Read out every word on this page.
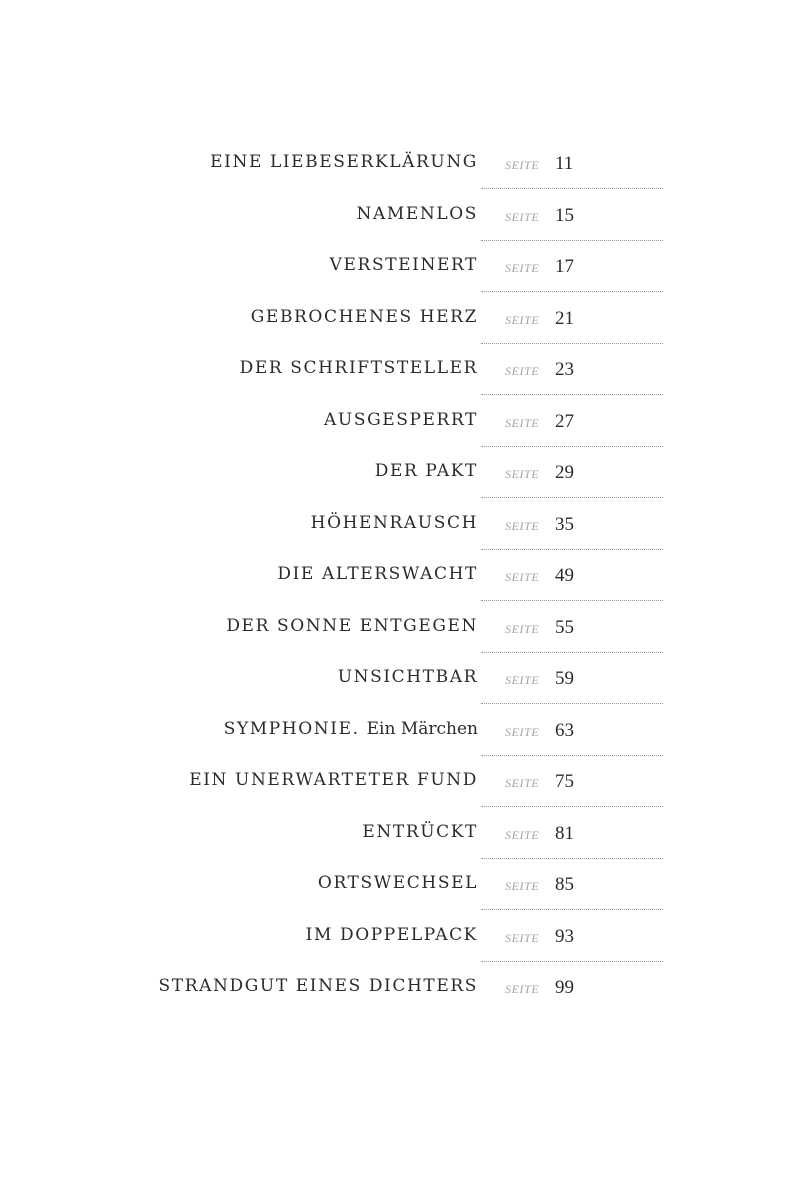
EINE LIEBESERKLÄRUNG SEITE 11
NAMENLOS SEITE 15
VERSTEINERT SEITE 17
GEBROCHENES HERZ SEITE 21
DER SCHRIFTSTELLER SEITE 23
AUSGESPERRT SEITE 27
DER PAKT SEITE 29
HÖHENRAUSCH SEITE 35
DIE ALTERSWACHT SEITE 49
DER SONNE ENTGEGEN SEITE 55
UNSICHTBAR SEITE 59
SYMPHONIE. Ein Märchen SEITE 63
EIN UNERWARTETER FUND SEITE 75
ENTRÜCKT SEITE 81
ORTSWECHSEL SEITE 85
IM DOPPELPACK SEITE 93
STRANDGUT EINES DICHTERS SEITE 99
